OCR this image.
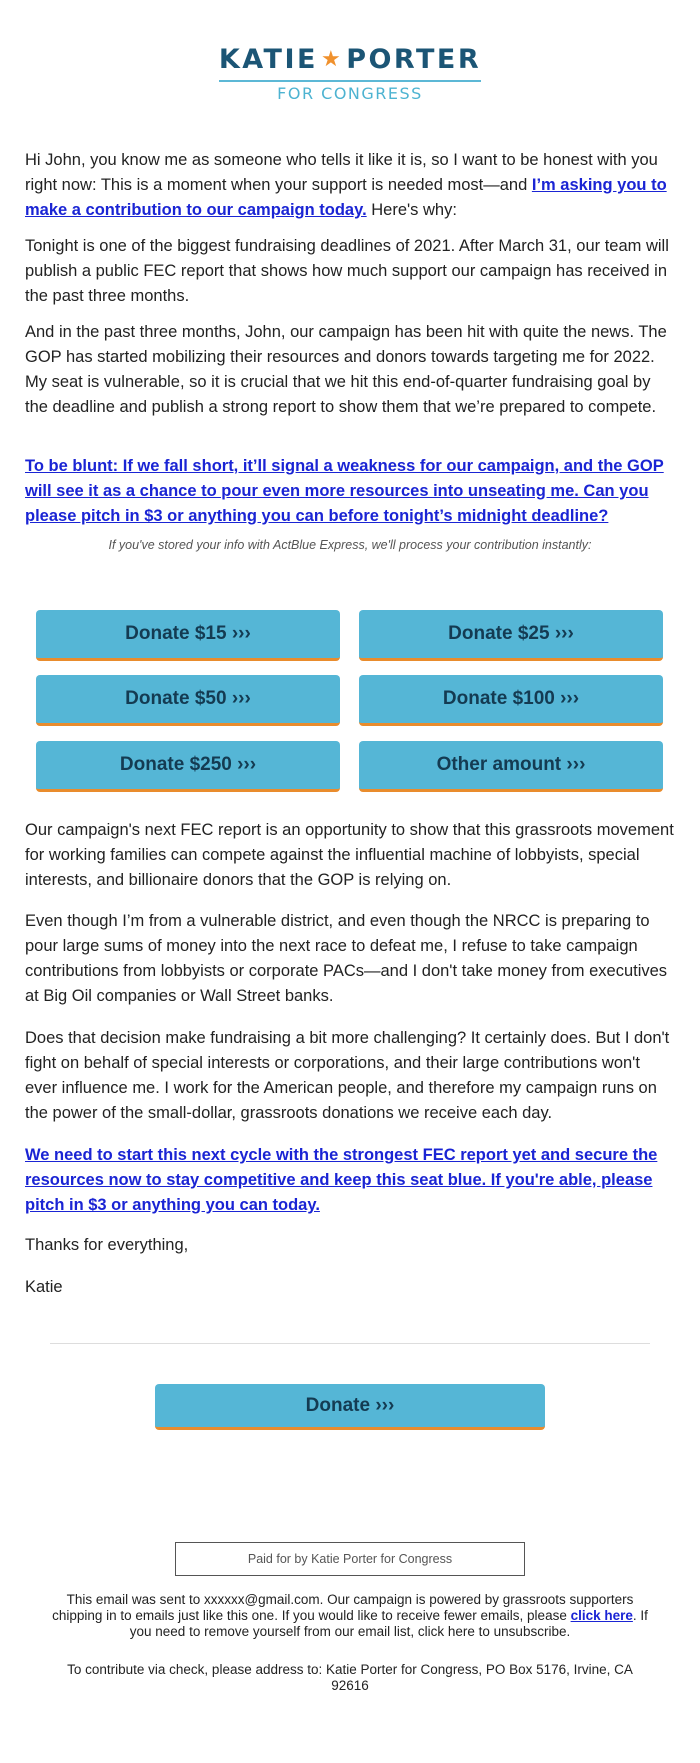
KATIE ★ PORTER
FOR CONGRESS

Hi John, you know me as someone who tells it like it is, so I want to be honest with you right now: This is a moment when your support is needed most—and I’m asking you to make a contribution to our campaign today. Here's why:

Tonight is one of the biggest fundraising deadlines of 2021. After March 31, our team will publish a public FEC report that shows how much support our campaign has received in the past three months.

And in the past three months, John, our campaign has been hit with quite the news. The GOP has started mobilizing their resources and donors towards targeting me for 2022. My seat is vulnerable, so it is crucial that we hit this end-of-quarter fundraising goal by the deadline and publish a strong report to show them that we’re prepared to compete.

To be blunt: If we fall short, it’ll signal a weakness for our campaign, and the GOP will see it as a chance to pour even more resources into unseating me. Can you please pitch in $3 or anything you can before tonight’s midnight deadline?

If you've stored your info with ActBlue Express, we'll process your contribution instantly:
Donate $15 ›››	Donate $25 ›››
Donate $50 ›››	Donate $100 ›››
Donate $250 ›››	Other amount ›››

Our campaign's next FEC report is an opportunity to show that this grassroots movement for working families can compete against the influential machine of lobbyists, special interests, and billionaire donors that the GOP is relying on.

Even though I’m from a vulnerable district, and even though the NRCC is preparing to pour large sums of money into the next race to defeat me, I refuse to take campaign contributions from lobbyists or corporate PACs—and I don't take money from executives at Big Oil companies or Wall Street banks.

Does that decision make fundraising a bit more challenging? It certainly does. But I don't fight on behalf of special interests or corporations, and their large contributions won't ever influence me. I work for the American people, and therefore my campaign runs on the power of the small-dollar, grassroots donations we receive each day.

We need to start this next cycle with the strongest FEC report yet and secure the resources now to stay competitive and keep this seat blue. If you're able, please pitch in $3 or anything you can today.

Thanks for everything,

Katie

Donate ›››
Paid for by Katie Porter for Congress
This email was sent to xxxxxx@gmail.com. Our campaign is powered by grassroots supporters chipping in to emails just like this one. If you would like to receive fewer emails, please click here. If you need to remove yourself from our email list, click here to unsubscribe.
To contribute via check, please address to: Katie Porter for Congress, PO Box 5176, Irvine, CA 92616
